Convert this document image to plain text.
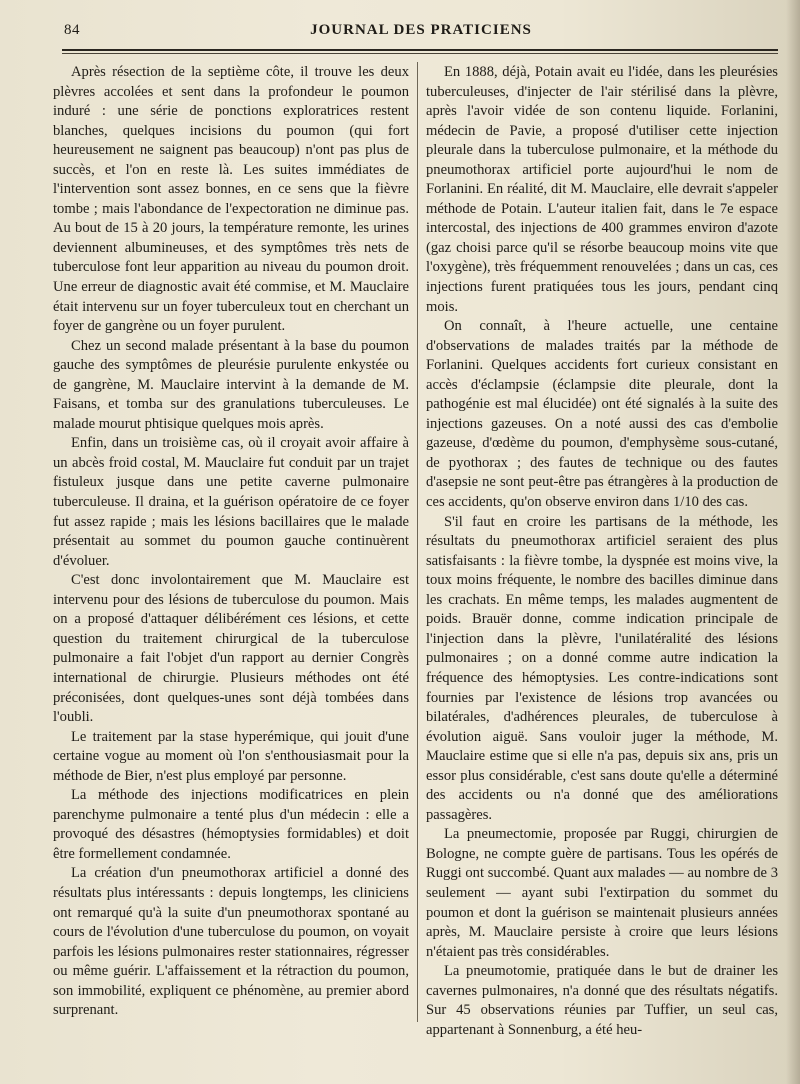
84	JOURNAL DES PRATICIENS

Après résection de la septième côte, il trouve les deux plèvres accolées et sent dans la profondeur le poumon induré : une série de ponctions exploratrices restent blanches, quelques incisions du poumon (qui fort heureusement ne saignent pas beaucoup) n'ont pas plus de succès, et l'on en reste là. Les suites immédiates de l'intervention sont assez bonnes, en ce sens que la fièvre tombe ; mais l'abondance de l'expectoration ne diminue pas. Au bout de 15 à 20 jours, la température remonte, les urines deviennent albumineuses, et des symptômes très nets de tuberculose font leur apparition au niveau du poumon droit. Une erreur de diagnostic avait été commise, et M. Mauclaire était intervenu sur un foyer tuberculeux tout en cherchant un foyer de gangrène ou un foyer purulent.

Chez un second malade présentant à la base du poumon gauche des symptômes de pleurésie purulente enkystée ou de gangrène, M. Mauclaire intervint à la demande de M. Faisans, et tomba sur des granulations tuberculeuses. Le malade mourut phtisique quelques mois après.

Enfin, dans un troisième cas, où il croyait avoir affaire à un abcès froid costal, M. Mauclaire fut conduit par un trajet fistuleux jusque dans une petite caverne pulmonaire tuberculeuse. Il draina, et la guérison opératoire de ce foyer fut assez rapide ; mais les lésions bacillaires que le malade présentait au sommet du poumon gauche continuèrent d'évoluer.

C'est donc involontairement que M. Mauclaire est intervenu pour des lésions de tuberculose du poumon. Mais on a proposé d'attaquer délibérément ces lésions, et cette question du traitement chirurgical de la tuberculose pulmonaire a fait l'objet d'un rapport au dernier Congrès international de chirurgie. Plusieurs méthodes ont été préconisées, dont quelques-unes sont déjà tombées dans l'oubli.

Le traitement par la stase hyperémique, qui jouit d'une certaine vogue au moment où l'on s'enthousiasmait pour la méthode de Bier, n'est plus employé par personne.

La méthode des injections modificatrices en plein parenchyme pulmonaire a tenté plus d'un médecin : elle a provoqué des désastres (hémoptysies formidables) et doit être formellement condamnée.

La création d'un pneumothorax artificiel a donné des résultats plus intéressants : depuis longtemps, les cliniciens ont remarqué qu'à la suite d'un pneumothorax spontané au cours de l'évolution d'une tuberculose du poumon, on voyait parfois les lésions pulmonaires rester stationnaires, régresser ou même guérir. L'affaissement et la rétraction du poumon, son immobilité, expliquent ce phénomène, au premier abord surprenant.

En 1888, déjà, Potain avait eu l'idée, dans les pleurésies tuberculeuses, d'injecter de l'air stérilisé dans la plèvre, après l'avoir vidée de son contenu liquide. Forlanini, médecin de Pavie, a proposé d'utiliser cette injection pleurale dans la tuberculose pulmonaire, et la méthode du pneumothorax artificiel porte aujourd'hui le nom de Forlanini. En réalité, dit M. Mauclaire, elle devrait s'appeler méthode de Potain. L'auteur italien fait, dans le 7e espace intercostal, des injections de 400 grammes environ d'azote (gaz choisi parce qu'il se résorbe beaucoup moins vite que l'oxygène), très fréquemment renouvelées ; dans un cas, ces injections furent pratiquées tous les jours, pendant cinq mois.

On connaît, à l'heure actuelle, une centaine d'observations de malades traités par la méthode de Forlanini. Quelques accidents fort curieux consistant en accès d'éclampsie (éclampsie dite pleurale, dont la pathogénie est mal élucidée) ont été signalés à la suite des injections gazeuses. On a noté aussi des cas d'embolie gazeuse, d'œdème du poumon, d'emphysème sous-cutané, de pyothorax ; des fautes de technique ou des fautes d'asepsie ne sont peut-être pas étrangères à la production de ces accidents, qu'on observe environ dans 1/10 des cas.

S'il faut en croire les partisans de la méthode, les résultats du pneumothorax artificiel seraient des plus satisfaisants : la fièvre tombe, la dyspnée est moins vive, la toux moins fréquente, le nombre des bacilles diminue dans les crachats. En même temps, les malades augmentent de poids. Brauër donne, comme indication principale de l'injection dans la plèvre, l'unilatéralité des lésions pulmonaires ; on a donné comme autre indication la fréquence des hémoptysies. Les contre-indications sont fournies par l'existence de lésions trop avancées ou bilatérales, d'adhérences pleurales, de tuberculose à évolution aiguë. Sans vouloir juger la méthode, M. Mauclaire estime que si elle n'a pas, depuis six ans, pris un essor plus considérable, c'est sans doute qu'elle a déterminé des accidents ou n'a donné que des améliorations passagères.

La pneumectomie, proposée par Ruggi, chirurgien de Bologne, ne compte guère de partisans. Tous les opérés de Ruggi ont succombé. Quant aux malades — au nombre de 3 seulement — ayant subi l'extirpation du sommet du poumon et dont la guérison se maintenait plusieurs années après, M. Mauclaire persiste à croire que leurs lésions n'étaient pas très considérables.

La pneumotomie, pratiquée dans le but de drainer les cavernes pulmonaires, n'a donné que des résultats négatifs. Sur 45 observations réunies par Tuffier, un seul cas, appartenant à Sonnenburg, a été heu-
